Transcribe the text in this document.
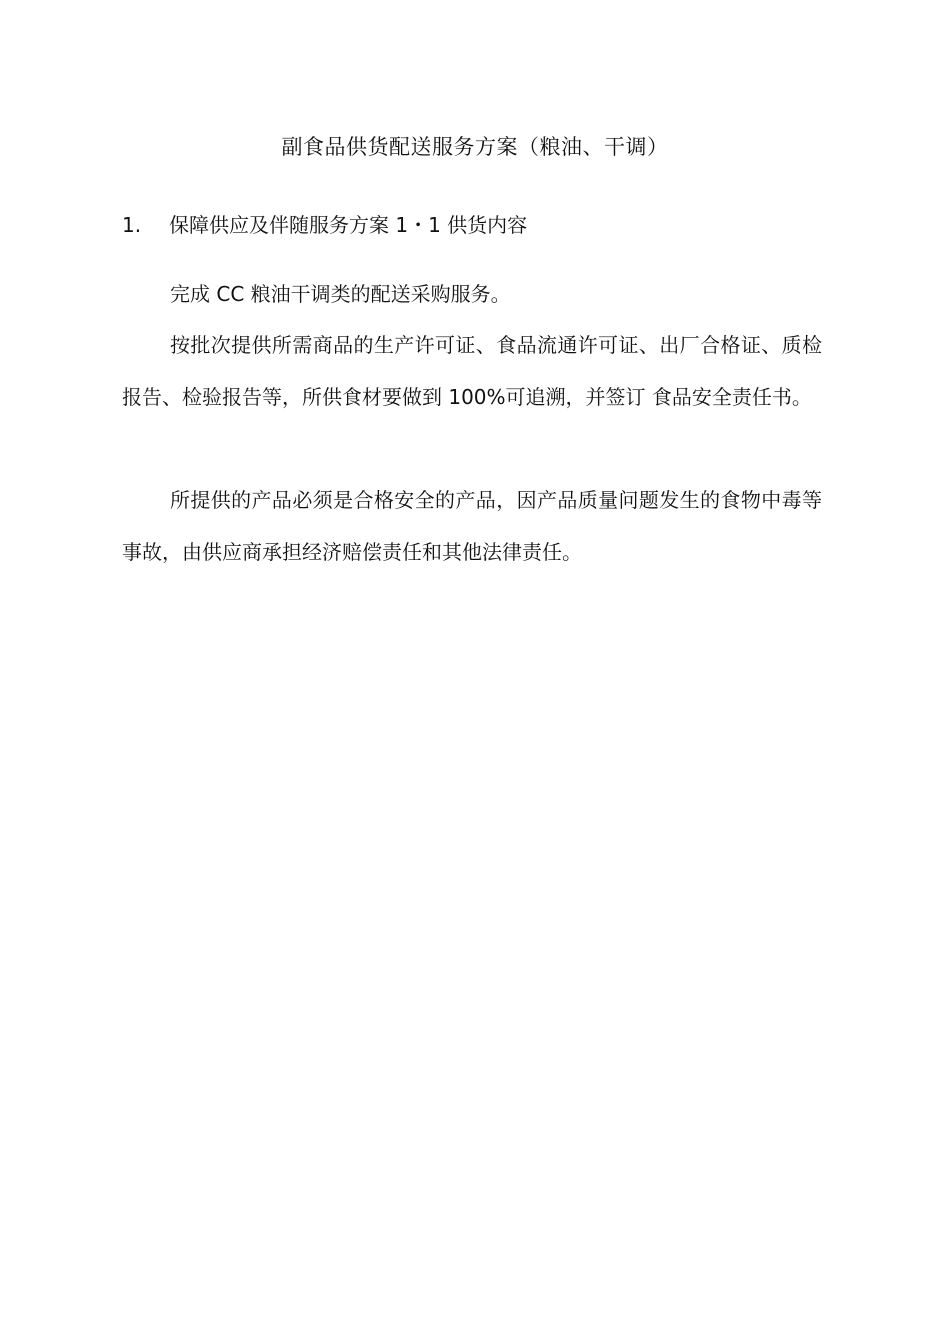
副食品供货配送服务方案（粮油、干调）
1. 保障供应及伴随服务方案 1・1 供货内容

完成 CC 粮油干调类的配送采购服务。

按批次提供所需商品的生产许可证、食品流通许可证、出厂合格证、质检报告、检验报告等，所供食材要做到 100%可追溯，并签订 食品安全责任书。

所提供的产品必须是合格安全的产品，因产品质量问题发生的食物中毒等事故，由供应商承担经济赔偿责任和其他法律责任。
